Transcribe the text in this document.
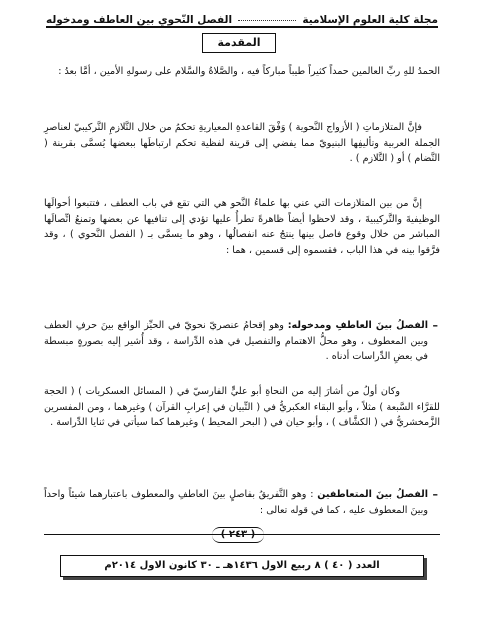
مجلة كلية العلوم الإسلامية
الفصل النّحوي بين العاطف ومدخوله
المقدمة

الحمدُ للهِ ربِّ العالمين حمداً كثيراً طيباً مباركاً فيه ، والصَّلاةُ والسَّلام على رسولهِ الأمين ، أمَّا بعدُ :

فإنَّ المتلازماتِ ( الأزواج النَّحوية ) وَفْقَ القاعدةِ المعياريةِ تحكمُ من خلال التَّلازمِ التَّركيبيّ لعناصرِ الجملة العربية وتأليفِها البنيويّ مما يفضي إلى قرينة لفظية تحكم ارتباطَها ببعضها يُسمَّى بقرينة ( التَّضام ) أو ( التَّلازم ) .

إنَّ من بين المتلازمات التي عني بها علماءُ النَّحو هي التي تقع في باب العطف ، فتتبعوا أحوالَها الوظيفيةَ والتَّركيبيةَ ، وقد لاحظوا أيضاً ظاهرةً تطرأُ عليها تؤدي إلى تنافيها عن بعضها وتمنعُ اتِّصالَها المباشر من خلال وقوع فاصل بينها ينتجُ عنه انفصالُها ، وهو ما يسمَّى بـ ( الفصل النَّحوي ) ، وقد فرَّقوا بينه في هذا الباب ، فقسموه إلى قسمين ، هما :

–

الفصلُ بينَ العاطفِ ومدخوله: وهو إقحامُ عنصريّ نحويّ في الحيِّز الواقع بينَ حرفِ العطف وبين المعطوف ، وهو محلُّ الاهتمام والتفصيل في هذه الدِّراسة ، وقد أُشير إليه بصورةٍ مبسطة في بعضِ الدِّراسات أدناه .

وكان أولُ من أشارَ إليه من النحاةِ أبو عليٍّ الفارسيّ في ( المسائل العسكريات ) ( الحجة للقرَّاء السَّبعة ) مثلاً ، وأبو البقاء العكبريُّ في ( التِّبيان في إعرابِ القرآن ) وغيرهما ، ومن المفسرين الزَّمخشريُّ في ( الكشَّاف ) ، وأبو حيان في ( البحر المحيط ) وغيرهما كما سيأتي في ثنايا الدِّراسة .

–

الفصلُ بينَ المتعاطفين : وهو التَّفريقُ بفاصلٍ بينَ العاطفِ والمعطوف باعتبارهما شيئاً واحداً وبينَ المعطوف عليه ، كما في قوله تعالى :

( ٢٤٣ )
العدد ( ٤٠ ) ٨ ربيع الاول ١٤٣٦هـ ـ ٣٠ كانون الاول ٢٠١٤م
